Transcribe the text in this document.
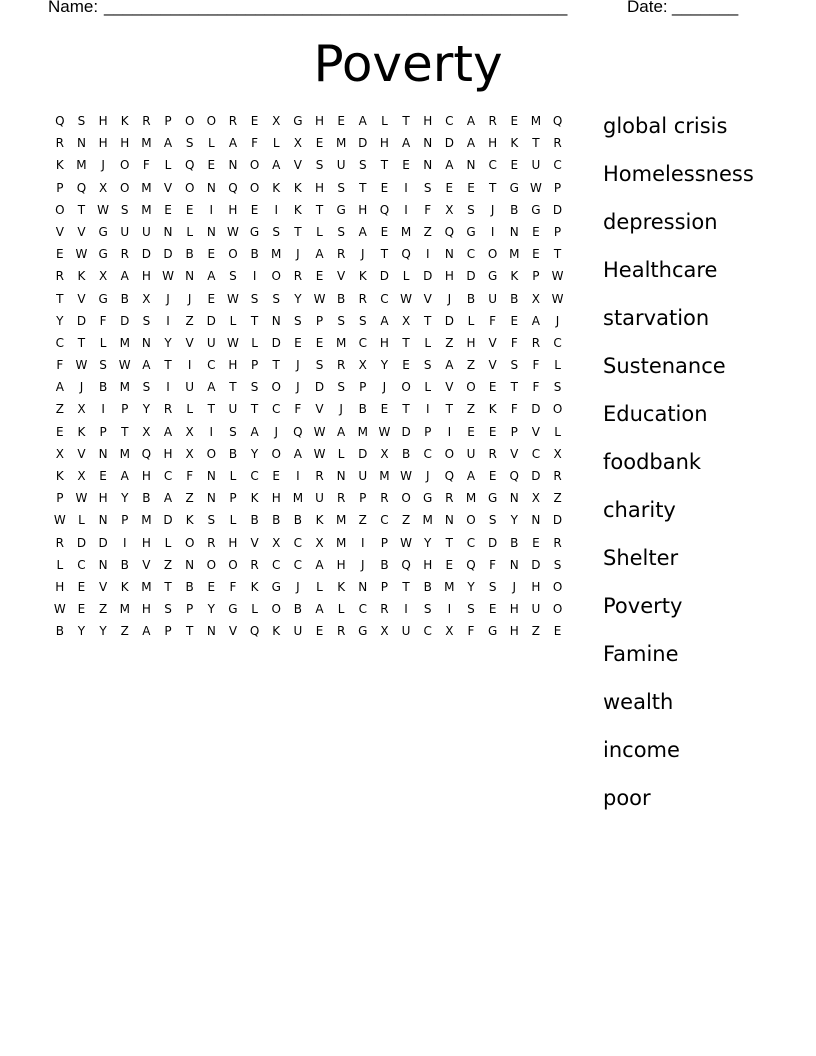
Name: _________________________________________________	Date: _______
Poverty
Q	S	H	K	R	P	O	O	R	E	X	G	H	E	A	L	T	H	C	A	R	E	M Q
R	N	H	H M	A	S	L	A	F	L	X	E	M D	H	A	N	D	A	H	K	T	R
K	M	J	O	F	L	Q	E	N	O	A	V	S	U	S	T	E	N	A	N	C	E	U	C
P	Q	X	O M	V	O	N	Q	O	K	K	H	S	T	E	I	S	E	E	T	G W	P
O	T	W S	M	E	E	I	H	E	I	K	T	G	H	Q	I	F	X	S	J	B	G	D
V	V	G	U	U	N	L	N W G	S	T	L	S	A	E	M	Z	Q	G	I	N	E	P
E W G	R	D	D	B	E	O	B	M	J	A	R	J	T	Q	I	N	C	O M	E	T
R	K	X	A	H W N	A	S	I	O	R	E	V	K	D	L	D	H	D	G	K	P	W
T	V	G	B	X	J	J	E W S	S	Y	W B	R	C W V	J	B	U	B	X W
Y	D	F	D	S	I	Z	D	L	T	N	S	P	S	S	A	X	T	D	L	F	E	A	J
C	T	L	M N	Y	V	U W	L	D	E	E	M	C	H	T	L	Z	H	V	F	R	C
F	W S W A	T	I	C	H	P	T	J	S	R	X	Y	E	S	A	Z	V	S	F	L
A	J	B	M	S	I	U	A	T	S	O	J	D	S	P	J	O	L	V	O	E	T	F	S
Z	X	I	P	Y	R	L	T	U	T	C	F	V	J	B	E	T	I	T	Z	K	F	D	O
E	K	P	T	X	A	X	I	S	A	J	Q W A	M W D	P	I	E	E	P	V	L
X	V	N M Q	H	X	O	B	Y	O	A W	L	D	X	B	C	O	U	R	V	C	X
K	X	E	A	H	C	F	N	L	C	E	I	R	N	U	M W	J	Q	A	E	Q	D	R
P	W H	Y	B	A	Z	N	P	K	H M	U	R	P	R	O	G	R	M G	N	X	Z
W	L	N	P	M D	K	S	L	B	B	B	K	M	Z	C	Z	M N	O	S	Y	N	D
R	D	D	I	H	L	O	R	H	V	X	C	X	M	I	P	W	Y	T	C	D	B	E	R
L	C	N	B	V	Z	N	O	O	R	C	C	A	H	J	B	Q	H	E	Q	F	N	D	S
H	E	V	K	M	T	B	E	F	K	G	J	L	K	N	P	T	B	M	Y	S	J	H	O
W E	Z	M H	S	P	Y	G	L	O	B	A	L	C	R	I	S	I	S	E	H	U	O
B	Y	Y	Z	A	P	T	N	V	Q	K	U	E	R	G	X	U	C	X	F	G	H	Z	E
global crisis
Homelessness
depression
Healthcare
starvation
Sustenance
Education
foodbank
charity
Shelter
Poverty
Famine
wealth
income
poor
